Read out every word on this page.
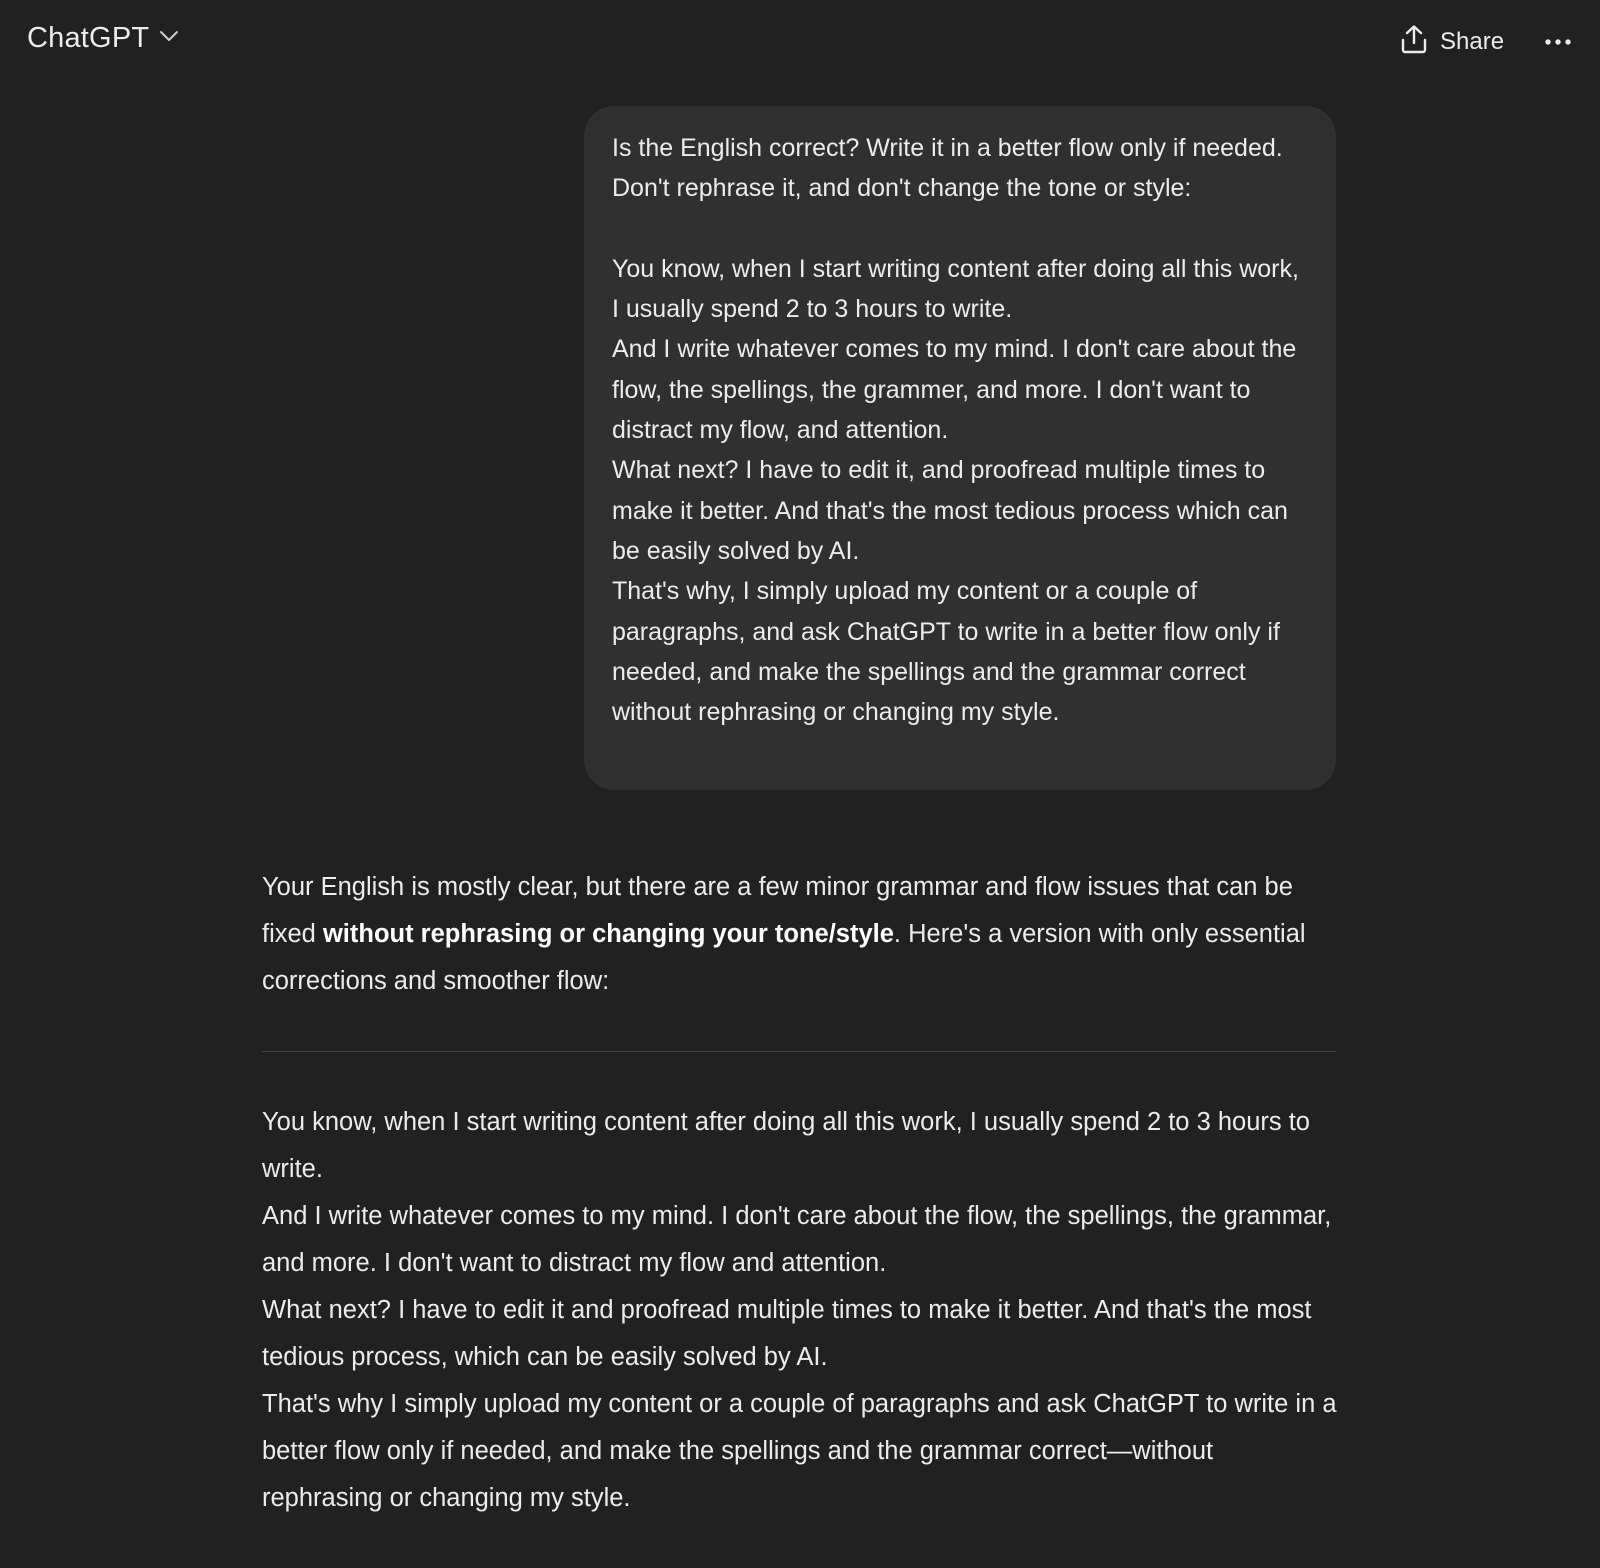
ChatGPT	Share

Is the English correct? Write it in a better flow only if needed. Don't rephrase it, and don't change the tone or style:

You know, when I start writing content after doing all this work, I usually spend 2 to 3 hours to write.
And I write whatever comes to my mind. I don't care about the flow, the spellings, the grammer, and more. I don't want to distract my flow, and attention.
What next? I have to edit it, and proofread multiple times to make it better. And that's the most tedious process which can be easily solved by AI.
That's why, I simply upload my content or a couple of paragraphs, and ask ChatGPT to write in a better flow only if needed, and make the spellings and the grammar correct without rephrasing or changing my style.

Your English is mostly clear, but there are a few minor grammar and flow issues that can be fixed without rephrasing or changing your tone/style. Here's a version with only essential corrections and smoother flow:

You know, when I start writing content after doing all this work, I usually spend 2 to 3 hours to write.

And I write whatever comes to my mind. I don't care about the flow, the spellings, the grammar, and more. I don't want to distract my flow and attention.

What next? I have to edit it and proofread multiple times to make it better. And that's the most tedious process, which can be easily solved by AI.

That's why I simply upload my content or a couple of paragraphs and ask ChatGPT to write in a better flow only if needed, and make the spellings and the grammar correct—without rephrasing or changing my style.
